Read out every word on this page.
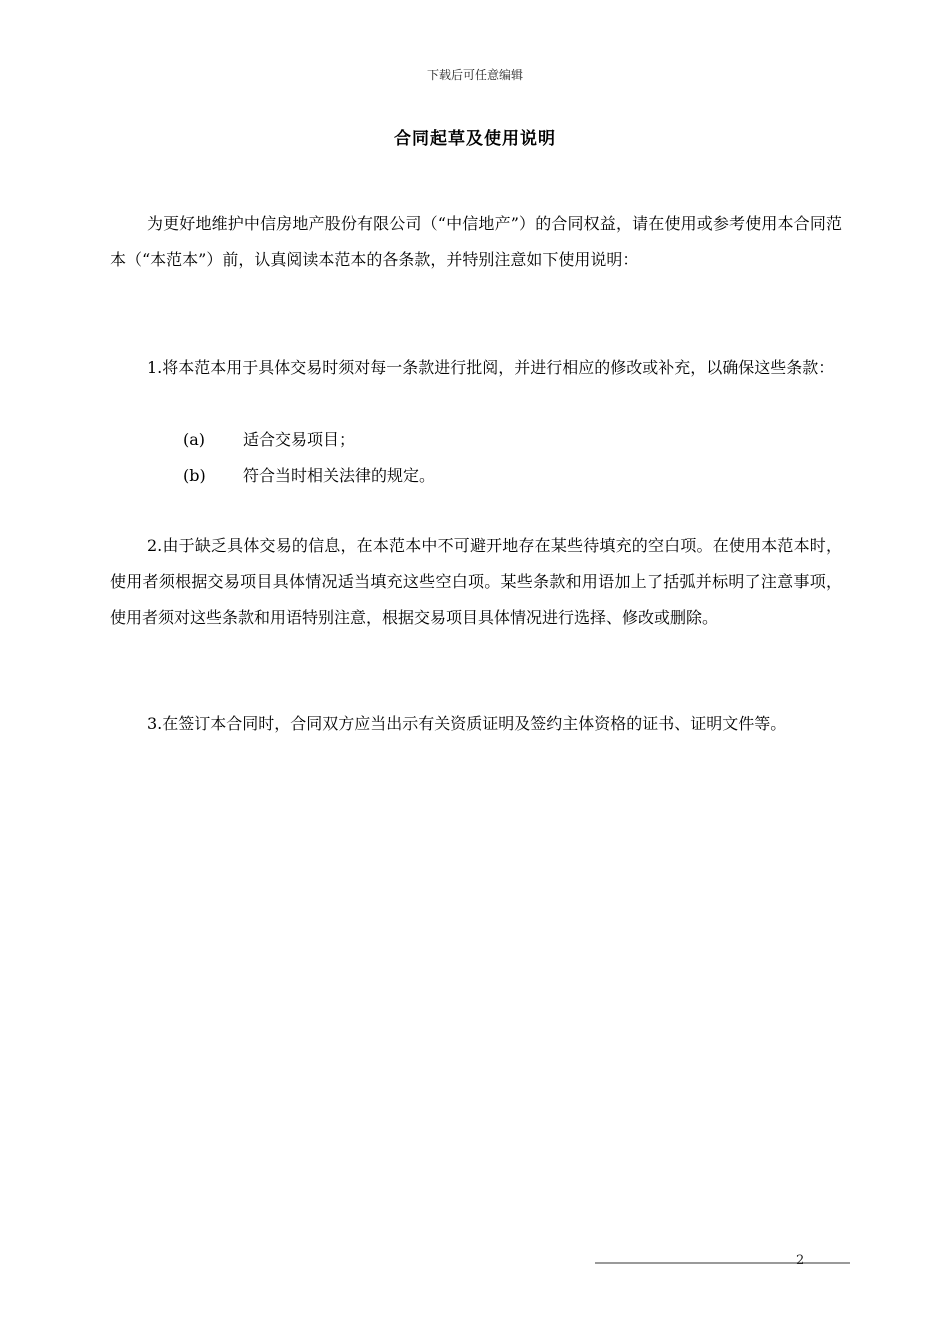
下载后可任意编辑
合同起草及使用说明
为更好地维护中信房地产股份有限公司（“中信地产”）的合同权益，请在使用或参考使用本合同范本（“本范本”）前，认真阅读本范本的各条款，并特别注意如下使用说明：
1.将本范本用于具体交易时须对每一条款进行批阅，并进行相应的修改或补充，以确保这些条款：
(a) 适合交易项目；
(b) 符合当时相关法律的规定。
2.由于缺乏具体交易的信息，在本范本中不可避开地存在某些待填充的空白项。在使用本范本时，使用者须根据交易项目具体情况适当填充这些空白项。某些条款和用语加上了括弧并标明了注意事项，使用者须对这些条款和用语特别注意，根据交易项目具体情况进行选择、修改或删除。
3.在签订本合同时，合同双方应当出示有关资质证明及签约主体资格的证书、证明文件等。
2
